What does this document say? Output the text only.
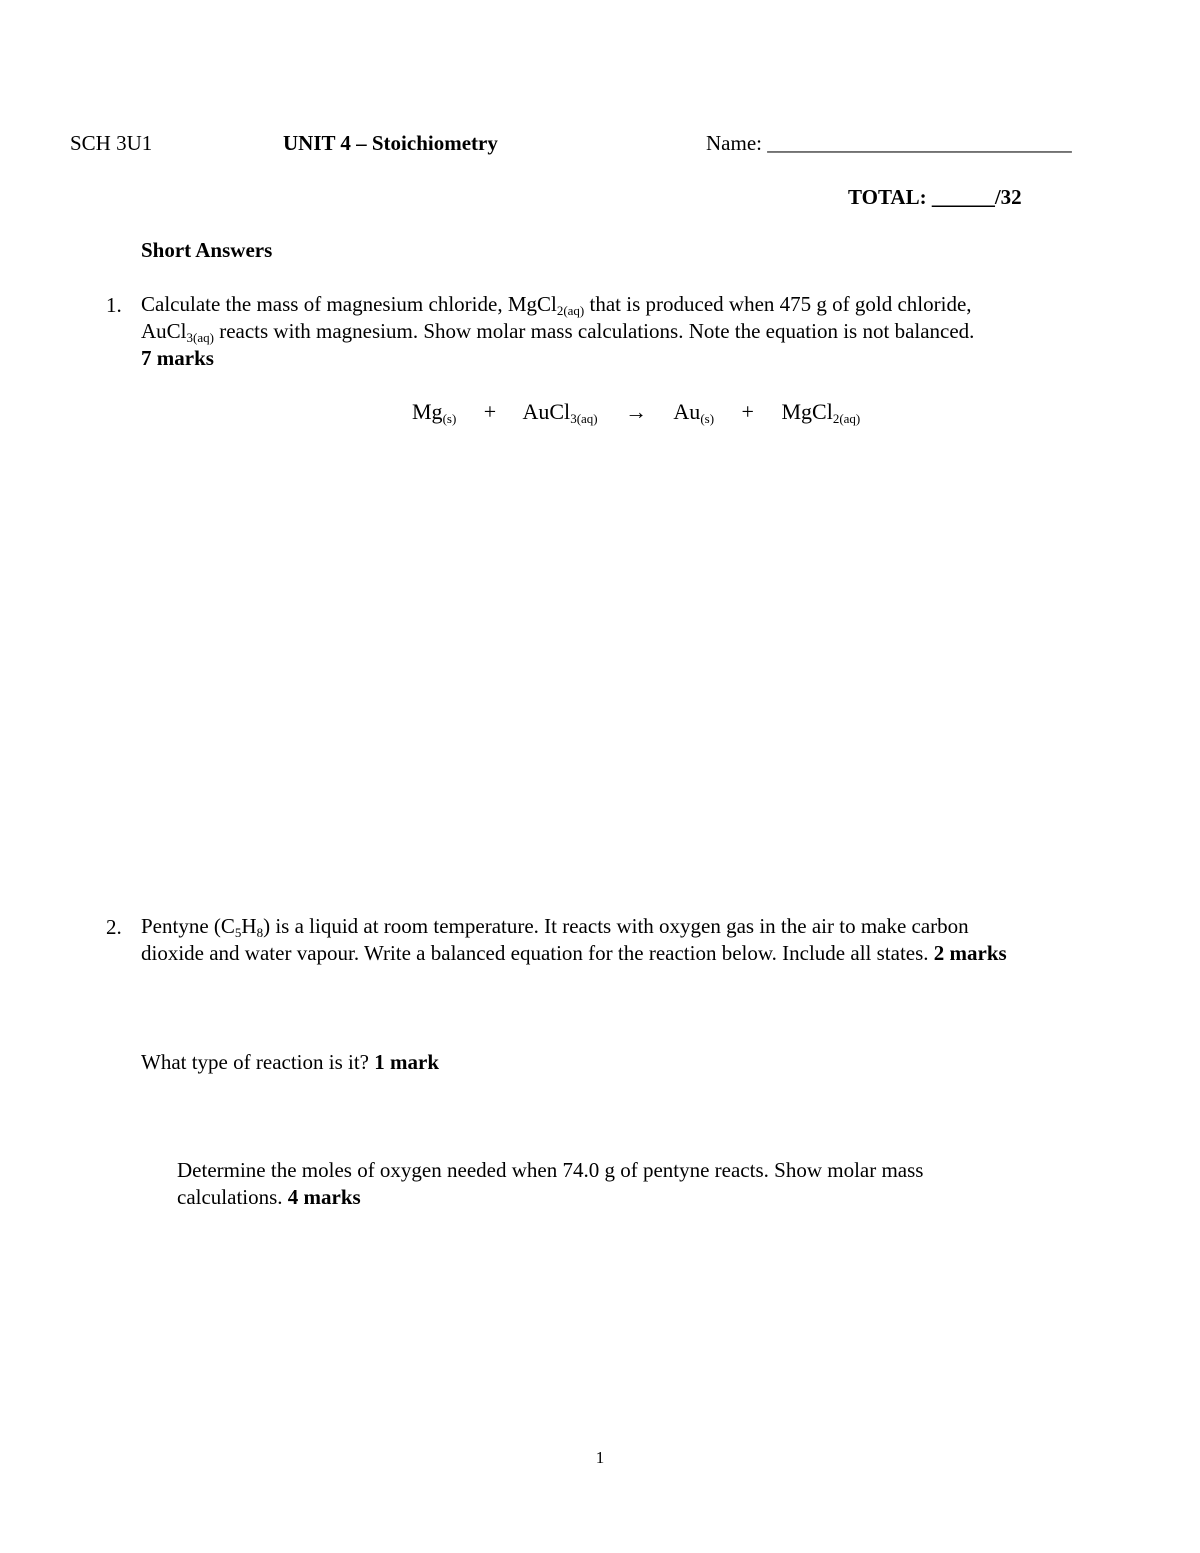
SCH 3U1	UNIT 4 – Stoichiometry	Name: _____________________________
TOTAL: ______/32
Short Answers
1. Calculate the mass of magnesium chloride, MgCl$_{2(aq)}$ that is produced when 475 g of gold chloride,
AuCl$_{3(aq)}$ reacts with magnesium. Show molar mass calculations. Note the equation is not balanced.
7 marks
$Mg_{(s)}$ + AuCl$_{3(aq)}$ → $Au_{(s)}$ + MgCl$_{2(aq)}$
2. Pentyne $(C_5H_8)$ is a liquid at room temperature. It reacts with oxygen gas in the air to make carbon
dioxide and water vapour. Write a balanced equation for the reaction below. Include all states. 2 marks
What type of reaction is it? 1 mark
Determine the moles of oxygen needed when 74.0 g of pentyne reacts. Show molar mass
calculations. 4 marks
1
